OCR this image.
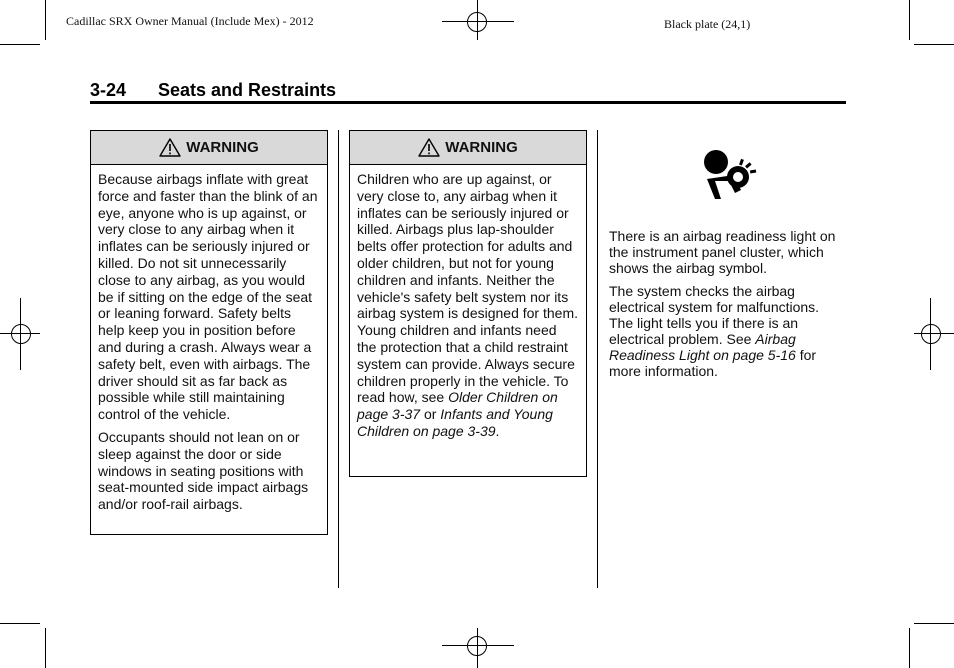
Cadillac SRX Owner Manual (Include Mex) - 2012	Black plate (24,1)
3-24 Seats and Restraints
WARNING

Because airbags inflate with great force and faster than the blink of an eye, anyone who is up against, or very close to any airbag when it inflates can be seriously injured or killed. Do not sit unnecessarily close to any airbag, as you would be if sitting on the edge of the seat or leaning forward. Safety belts help keep you in position before and during a crash. Always wear a safety belt, even with airbags. The driver should sit as far back as possible while still maintaining control of the vehicle.

Occupants should not lean on or sleep against the door or side windows in seating positions with seat-mounted side impact airbags and/or roof-rail airbags.

WARNING

Children who are up against, or very close to, any airbag when it inflates can be seriously injured or killed. Airbags plus lap-shoulder belts offer protection for adults and older children, but not for young children and infants. Neither the vehicle's safety belt system nor its airbag system is designed for them. Young children and infants need the protection that a child restraint system can provide. Always secure children properly in the vehicle. To read how, see Older Children on page 3-37 or Infants and Young Children on page 3-39.

There is an airbag readiness light on the instrument panel cluster, which shows the airbag symbol.

The system checks the airbag electrical system for malfunctions. The light tells you if there is an electrical problem. See Airbag Readiness Light on page 5-16 for more information.
